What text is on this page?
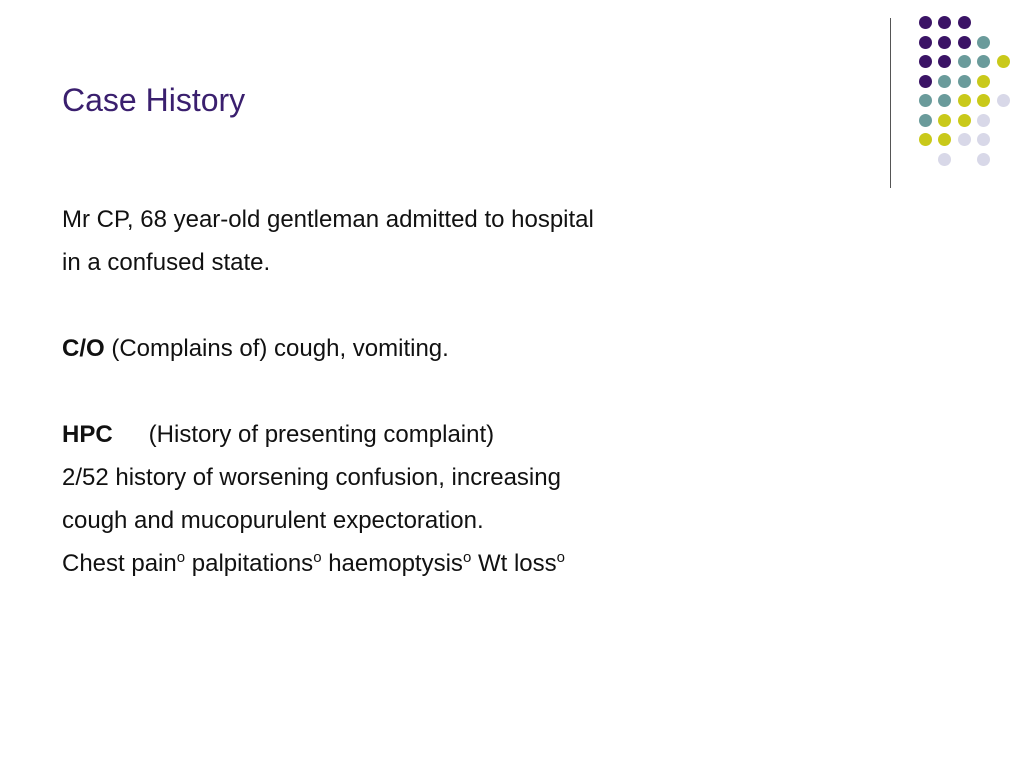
Case History
Mr CP, 68 year-old gentleman admitted to hospital
in a confused state.
C/O (Complains of) cough, vomiting.
HPC (History of presenting complaint)
2/52 history of worsening confusion, increasing
cough and mucopurulent expectoration.
Chest pain$^o$ palpitations$^o$ haemoptysis$^o$ Wt loss$^o$
